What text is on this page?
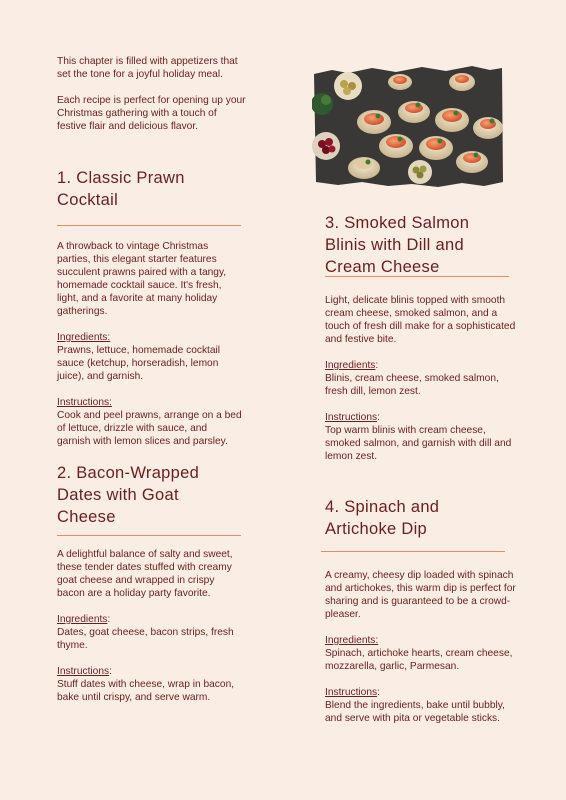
This chapter is filled with appetizers that set the tone for a joyful holiday meal.

Each recipe is perfect for opening up your Christmas gathering with a touch of festive flair and delicious flavor.

1. Classic Prawn Cocktail

A throwback to vintage Christmas parties, this elegant starter features succulent prawns paired with a tangy, homemade cocktail sauce. It's fresh, light, and a favorite at many holiday gatherings.

Ingredients:

Prawns, lettuce, homemade cocktail sauce (ketchup, horseradish, lemon juice), and garnish.

Instructions:

Cook and peel prawns, arrange on a bed of lettuce, drizzle with sauce, and garnish with lemon slices and parsley.

2. Bacon-Wrapped Dates with Goat Cheese

A delightful balance of salty and sweet, these tender dates stuffed with creamy goat cheese and wrapped in crispy bacon are a holiday party favorite.

Ingredients:

Dates, goat cheese, bacon strips, fresh thyme.

Instructions:

Stuff dates with cheese, wrap in bacon, bake until crispy, and serve warm.

3. Smoked Salmon Blinis with Dill and Cream Cheese

Light, delicate blinis topped with smooth cream cheese, smoked salmon, and a touch of fresh dill make for a sophisticated and festive bite.

Ingredients:

Blinis, cream cheese, smoked salmon, fresh dill, lemon zest.

Instructions:

Top warm blinis with cream cheese, smoked salmon, and garnish with dill and lemon zest.

4. Spinach and Artichoke Dip

A creamy, cheesy dip loaded with spinach and artichokes, this warm dip is perfect for sharing and is guaranteed to be a crowd-pleaser.

Ingredients:

Spinach, artichoke hearts, cream cheese, mozzarella, garlic, Parmesan.

Instructions:

Blend the ingredients, bake until bubbly, and serve with pita or vegetable sticks.
